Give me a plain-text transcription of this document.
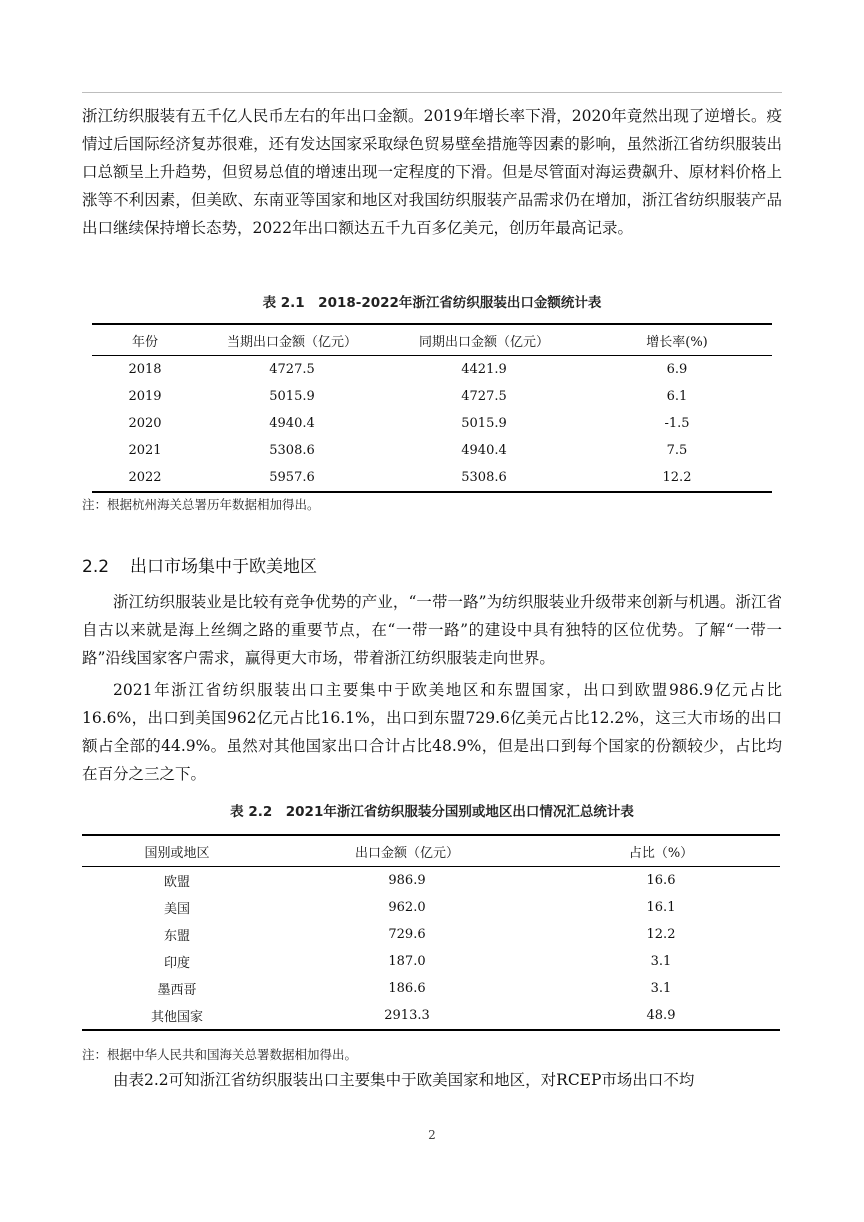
浙江纺织服装有五千亿人民币左右的年出口金额。2019年增长率下滑，2020年竟然出现了逆增长。疫情过后国际经济复苏很难，还有发达国家采取绿色贸易壁垒措施等因素的影响，虽然浙江省纺织服装出口总额呈上升趋势，但贸易总值的增速出现一定程度的下滑。但是尽管面对海运费飙升、原材料价格上涨等不利因素，但美欧、东南亚等国家和地区对我国纺织服装产品需求仍在增加，浙江省纺织服装产品出口继续保持增长态势，2022年出口额达五千九百多亿美元，创历年最高记录。

表 2.1　2018-2022年浙江省纺织服装出口金额统计表
年份	当期出口金额（亿元）	同期出口金额（亿元）	增长率(%)
2018	4727.5	4421.9	6.9
2019	5015.9	4727.5	6.1
2020	4940.4	5015.9	-1.5
2021	5308.6	4940.4	7.5
2022	5957.6	5308.6	12.2
注：根据杭州海关总署历年数据相加得出。
2.2 出口市场集中于欧美地区

浙江纺织服装业是比较有竞争优势的产业，“一带一路”为纺织服装业升级带来创新与机遇。浙江省自古以来就是海上丝绸之路的重要节点，在“一带一路”的建设中具有独特的区位优势。了解“一带一路”沿线国家客户需求，赢得更大市场，带着浙江纺织服装走向世界。

2021年浙江省纺织服装出口主要集中于欧美地区和东盟国家，出口到欧盟986.9亿元占比16.6%，出口到美国962亿元占比16.1%，出口到东盟729.6亿美元占比12.2%，这三大市场的出口额占全部的44.9%。虽然对其他国家出口合计占比48.9%，但是出口到每个国家的份额较少，占比均在百分之三之下。

表 2.2　2021年浙江省纺织服装分国别或地区出口情况汇总统计表
国别或地区	出口金额（亿元）	占比（%）
欧盟	986.9	16.6
美国	962.0	16.1
东盟	729.6	12.2
印度	187.0	3.1
墨西哥	186.6	3.1
其他国家	2913.3	48.9
注：根据中华人民共和国海关总署数据相加得出。

由表2.2可知浙江省纺织服装出口主要集中于欧美国家和地区，对RCEP市场出口不均

2
